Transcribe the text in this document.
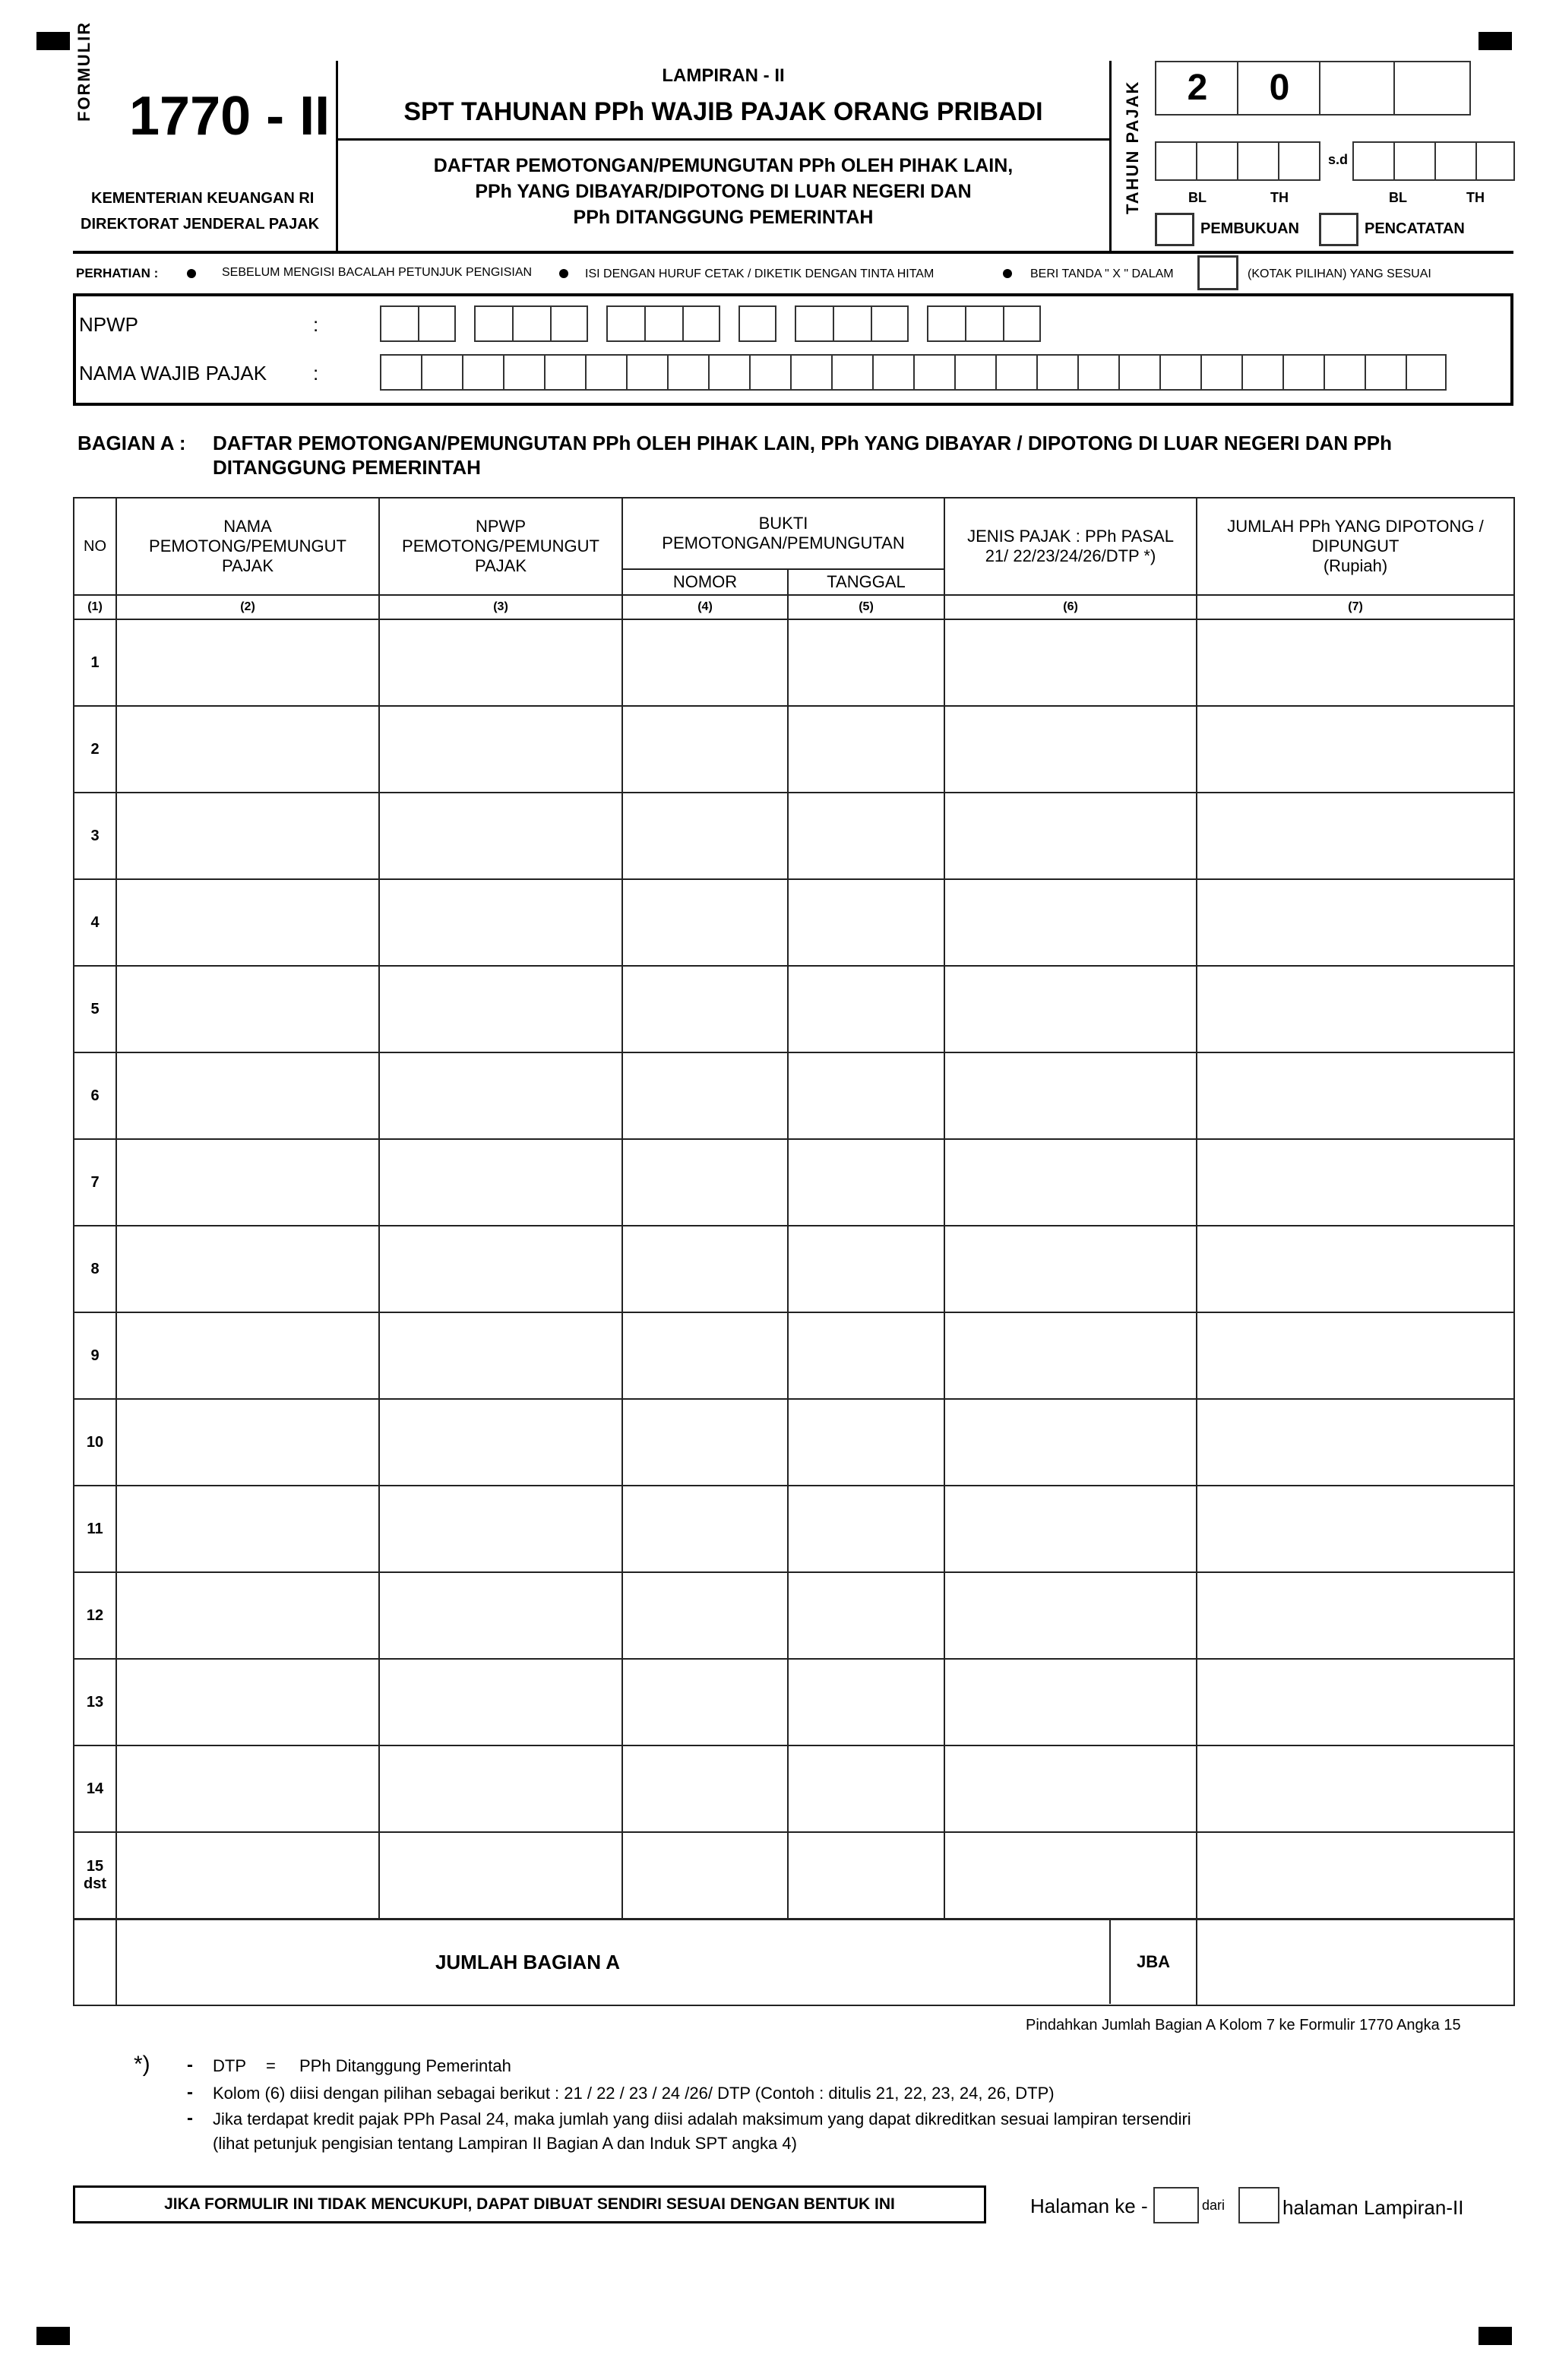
FORMULIR 1770 - II
KEMENTERIAN KEUANGAN RI
DIREKTORAT JENDERAL PAJAK
LAMPIRAN - II
SPT TAHUNAN PPh WAJIB PAJAK ORANG PRIBADI
DAFTAR PEMOTONGAN/PEMUNGUTAN PPh OLEH PIHAK LAIN,
PPh YANG DIBAYAR/DIPOTONG DI LUAR NEGERI DAN
PPh DITANGGUNG PEMERINTAH
TAHUN PAJAK	2	0
s.d
BL	TH	BL	TH
PEMBUKUAN	PENCATATAN
PERHATIAN :	SEBELUM MENGISI BACALAH PETUNJUK PENGISIAN	ISI DENGAN HURUF CETAK / DIKETIK DENGAN TINTA HITAM	BERI TANDA " X " DALAM	(KOTAK PILIHAN) YANG SESUAI
NPWP	:
NAMA WAJIB PAJAK :
BAGIAN A : DAFTAR PEMOTONGAN/PEMUNGUTAN PPh OLEH PIHAK LAIN, PPh YANG DIBAYAR / DIPOTONG DI LUAR NEGERI DAN PPh
DITANGGUNG PEMERINTAH
NO	NAMA PEMOTONG/PEMUNGUT PAJAK	NPWP PEMOTONG/PEMUNGUT PAJAK	BUKTI PEMOTONGAN/PEMUNGUTAN		JENIS PAJAK : PPh PASAL 21/ 22/23/24/26/DTP *)	JUMLAH PPh YANG DIPOTONG / DIPUNGUT
(Rupiah)

			NOMOR	TANGGAL		
(1)	(2)	(3)	(4)	(5)	(6)	(7)
1						
2						
3						
4						
5						
6						
7						
8						
9						
10						
11						
12						
13						
14						

15
dst						

	JUMLAH BAGIAN A				JBA	

Pindahkan Jumlah Bagian A Kolom 7 ke Formulir 1770 Angka 15
*) - DTP = PPh Ditanggung Pemerintah
- Kolom (6) diisi dengan pilihan sebagai berikut : 21 / 22 / 23 / 24 /26/ DTP (Contoh : ditulis 21, 22, 23, 24, 26, DTP)
- Jika terdapat kredit pajak PPh Pasal 24, maka jumlah yang diisi adalah maksimum yang dapat dikreditkan sesuai lampiran tersendiri
(lihat petunjuk pengisian tentang Lampiran II Bagian A dan Induk SPT angka 4)
JIKA FORMULIR INI TIDAK MENCUKUPI, DAPAT DIBUAT SENDIRI SESUAI DENGAN BENTUK INI	Halaman ke -	dari	halaman Lampiran-II
